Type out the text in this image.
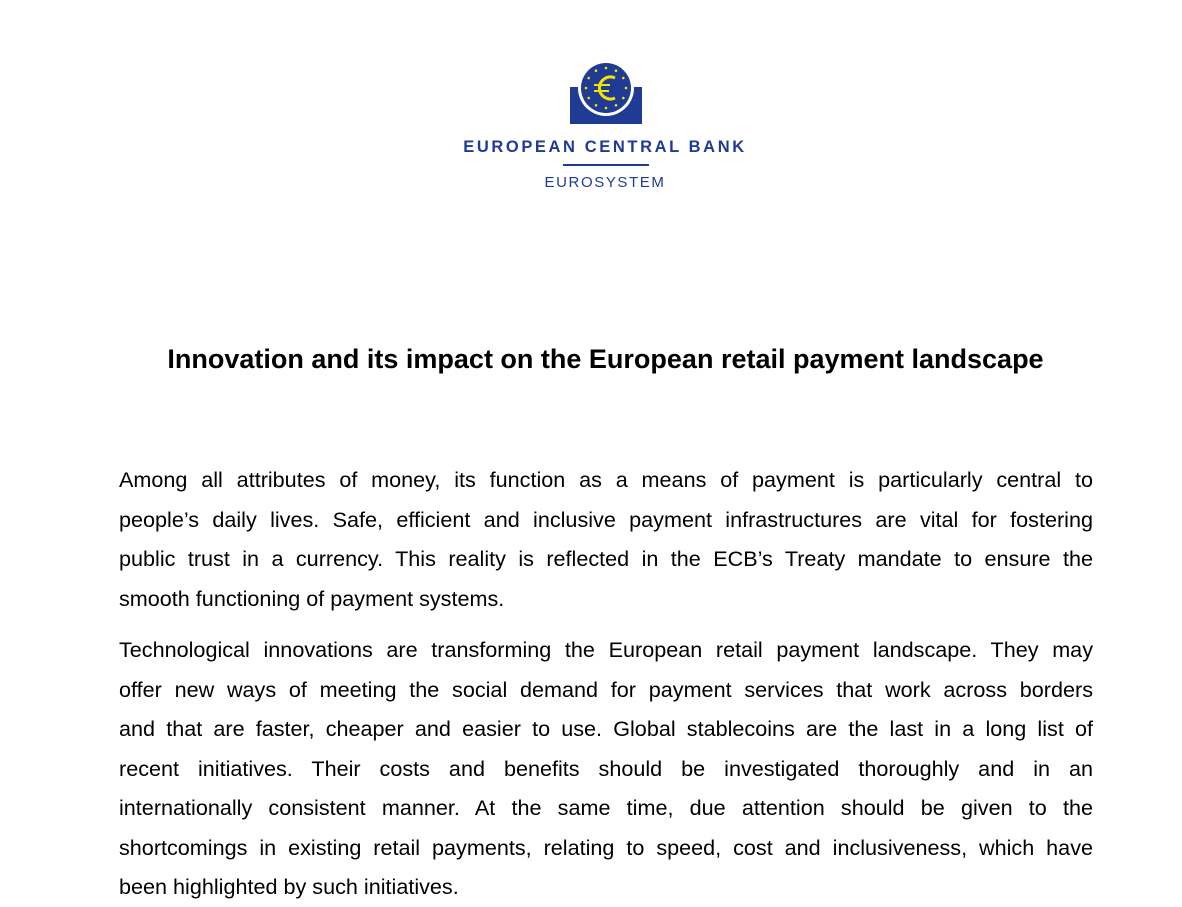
EUROPEAN CENTRAL BANK
EUROSYSTEM
Innovation and its impact on the European retail payment landscape
Among all attributes of money, its function as a means of payment is particularly central to
people’s daily lives. Safe, efficient and inclusive payment infrastructures are vital for fostering
public trust in a currency. This reality is reflected in the ECB’s Treaty mandate to ensure the
smooth functioning of payment systems.
Technological innovations are transforming the European retail payment landscape. They may
offer new ways of meeting the social demand for payment services that work across borders
and that are faster, cheaper and easier to use. Global stablecoins are the last in a long list of
recent initiatives. Their costs and benefits should be investigated thoroughly and in an
internationally consistent manner. At the same time, due attention should be given to the
shortcomings in existing retail payments, relating to speed, cost and inclusiveness, which have
been highlighted by such initiatives.
